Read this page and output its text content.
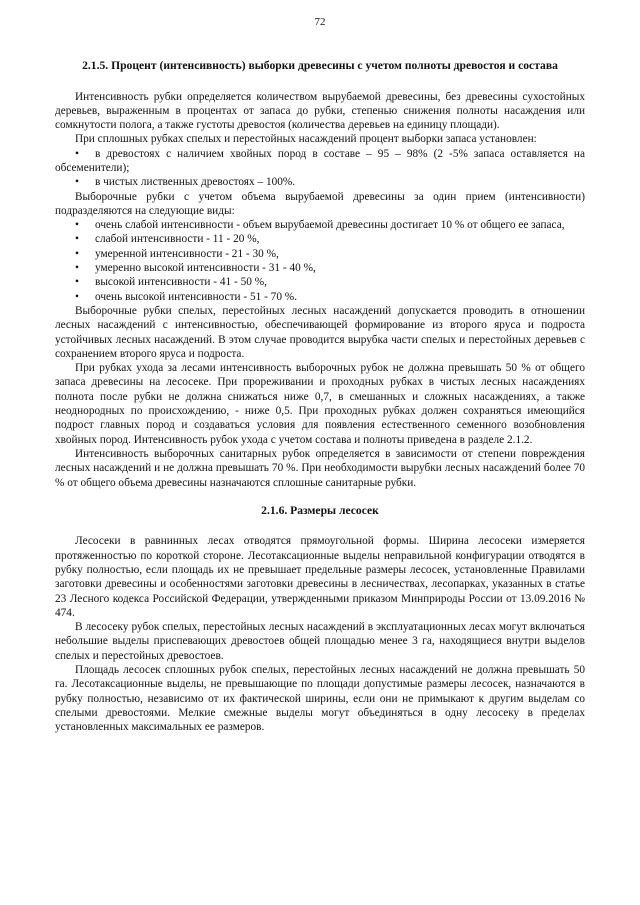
72
2.1.5. Процент (интенсивность) выборки древесины с учетом полноты древостоя и состава

Интенсивность рубки определяется количеством вырубаемой древесины, без древесины сухостойных деревьев, выраженным в процентах от запаса до рубки, степенью снижения полноты насаждения или сомкнутости полога, а также густоты древостоя (количества деревьев на единицу площади).

При сплошных рубках спелых и перестойных насаждений процент выборки запаса установлен:

• в древостоях с наличием хвойных пород в составе – 95 – 98% (2 -5% запаса оставляется на обсеменители);
• в чистых лиственных древостоях – 100%.

Выборочные рубки с учетом объема вырубаемой древесины за один прием (интенсивности) подразделяются на следующие виды:

• очень слабой интенсивности - объем вырубаемой древесины достигает 10 % от общего ее запаса,
• слабой интенсивности - 11 - 20 %,
• умеренной интенсивности - 21 - 30 %,
• умеренно высокой интенсивности - 31 - 40 %,
• высокой интенсивности - 41 - 50 %,
• очень высокой интенсивности - 51 - 70 %.

Выборочные рубки спелых, перестойных лесных насаждений допускается проводить в отношении лесных насаждений с интенсивностью, обеспечивающей формирование из второго яруса и подроста устойчивых лесных насаждений. В этом случае проводится вырубка части спелых и перестойных деревьев с сохранением второго яруса и подроста.

При рубках ухода за лесами интенсивность выборочных рубок не должна превышать 50 % от общего запаса древесины на лесосеке. При прореживании и проходных рубках в чистых лесных насаждениях полнота после рубки не должна снижаться ниже 0,7, в смешанных и сложных насаждениях, а также неоднородных по происхождению, - ниже 0,5. При проходных рубках должен сохраняться имеющийся подрост главных пород и создаваться условия для появления естественного семенного возобновления хвойных пород. Интенсивность рубок ухода с учетом состава и полноты приведена в разделе 2.1.2.

Интенсивность выборочных санитарных рубок определяется в зависимости от степени повреждения лесных насаждений и не должна превышать 70 %. При необходимости вырубки лесных насаждений более 70 % от общего объема древесины назначаются сплошные санитарные рубки.

2.1.6. Размеры лесосек

Лесосеки в равнинных лесах отводятся прямоугольной формы. Ширина лесосеки измеряется протяженностью по короткой стороне. Лесотаксационные выделы неправильной конфигурации отводятся в рубку полностью, если площадь их не превышает предельные размеры лесосек, установленные Правилами заготовки древесины и особенностями заготовки древесины в лесничествах, лесопарках, указанных в статье 23 Лесного кодекса Российской Федерации, утвержденными приказом Минприроды России от 13.09.2016 № 474.

В лесосеку рубок спелых, перестойных лесных насаждений в эксплуатационных лесах могут включаться небольшие выделы приспевающих древостоев общей площадью менее 3 га, находящиеся внутри выделов спелых и перестойных древостоев.

Площадь лесосек сплошных рубок спелых, перестойных лесных насаждений не должна превышать 50 га. Лесотаксационные выделы, не превышающие по площади допустимые размеры лесосек, назначаются в рубку полностью, независимо от их фактической ширины, если они не примыкают к другим выделам со спелыми древостоями. Мелкие смежные выделы могут объединяться в одну лесосеку в пределах установленных максимальных ее размеров.
